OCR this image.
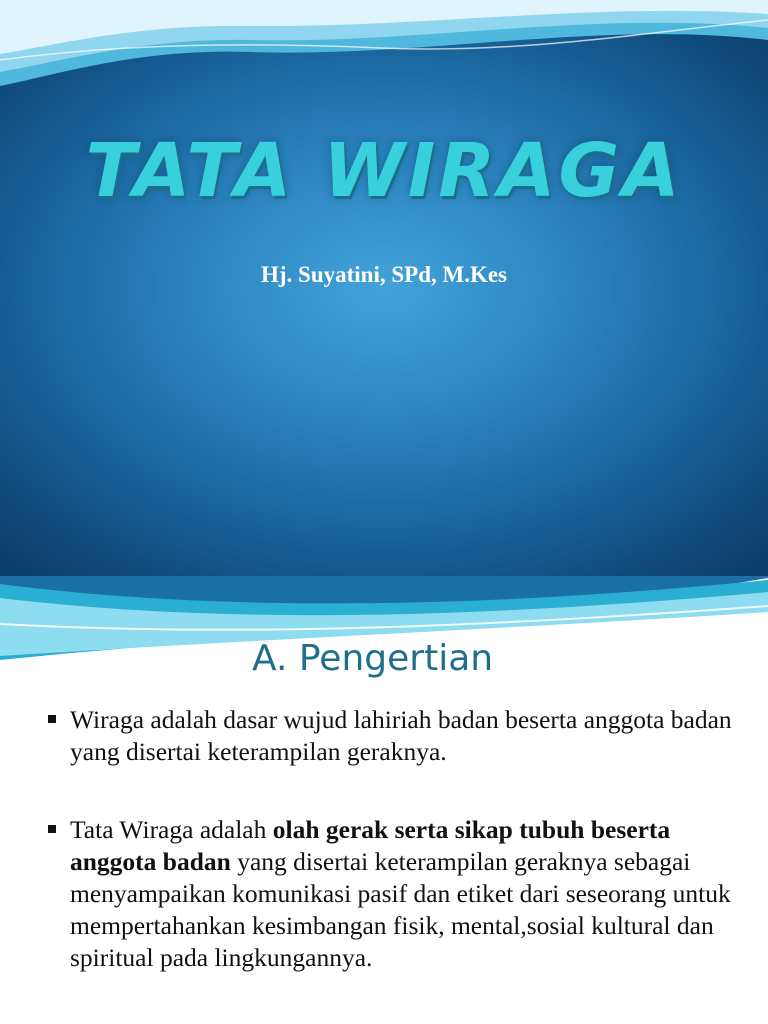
TATA WIRAGA

Hj. Suyatini, SPd, M.Kes

A. Pengertian
Wiraga adalah dasar wujud lahiriah badan beserta anggota badan yang disertai keterampilan geraknya.
Tata Wiraga adalah olah gerak serta sikap tubuh beserta anggota badan yang disertai keterampilan geraknya sebagai menyampaikan komunikasi pasif dan etiket dari seseorang untuk mempertahankan kesimbangan fisik, mental,sosial kultural dan spiritual pada lingkungannya.
